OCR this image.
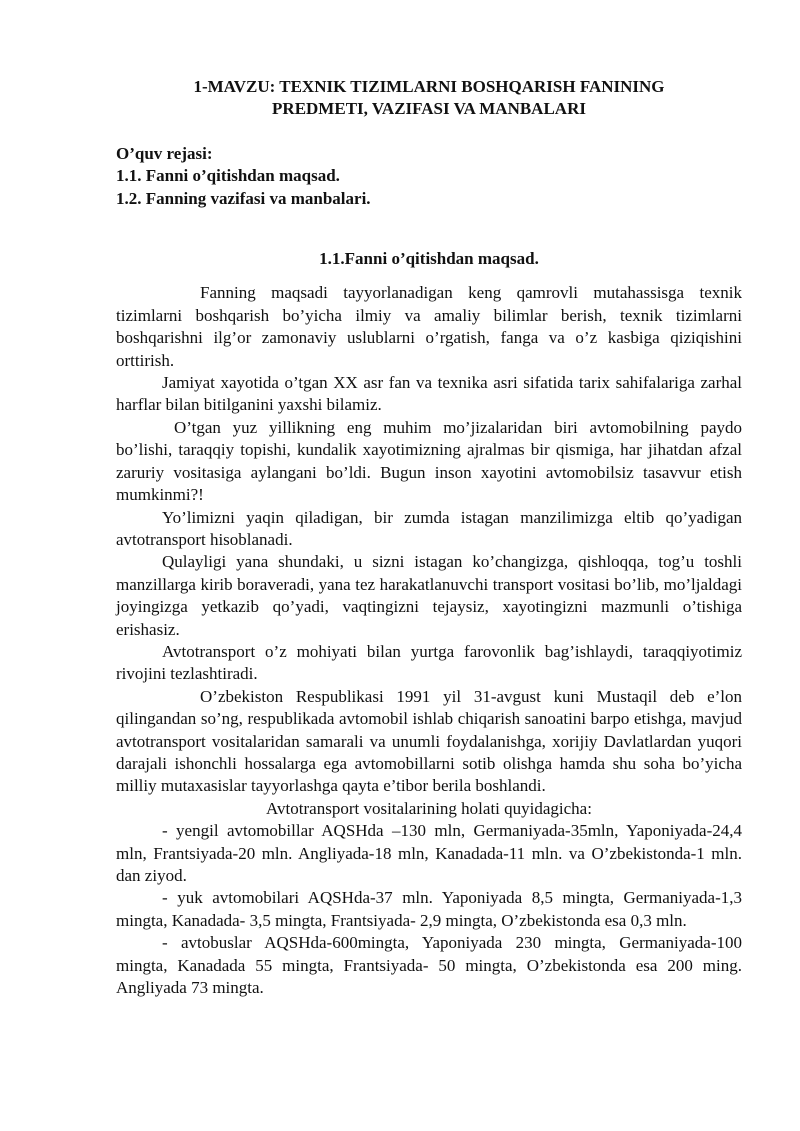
1-MAVZU: TEXNIK TIZIMLARNI BOSHQARISH FANINING PREDMETI, VAZIFASI VA MANBALARI
O’quv rejasi:
1.1. Fanni o’qitishdan maqsad.
1.2. Fanning vazifasi va manbalari.
1.1.Fanni o’qitishdan maqsad.

Fanning maqsadi tayyorlanadigan keng qamrovli mutahassisga texnik tizimlarni boshqarish bo’yicha ilmiy va amaliy bilimlar berish, texnik tizimlarni boshqarishni ilg’or zamonaviy uslublarni o’rgatish, fanga va o’z kasbiga qiziqishini orttirish.

Jamiyat xayotida o’tgan XX asr fan va texnika asri sifatida tarix sahifalariga zarhal harflar bilan bitilganini yaxshi bilamiz.

O’tgan yuz yillikning eng muhim mo’jizalaridan biri avtomobilning paydo bo’lishi, taraqqiy topishi, kundalik xayotimizning ajralmas bir qismiga, har jihatdan afzal zaruriy vositasiga aylangani bo’ldi. Bugun inson xayotini avtomobilsiz tasavvur etish mumkinmi?!

Yo’limizni yaqin qiladigan, bir zumda istagan manzilimizga eltib qo’yadigan avtotransport hisoblanadi.

Qulayligi yana shundaki, u sizni istagan ko’changizga, qishloqqa, tog’u toshli manzillarga kirib boraveradi, yana tez harakatlanuvchi transport vositasi bo’lib, mo’ljaldagi joyingizga yetkazib qo’yadi, vaqtingizni tejaysiz, xayotingizni mazmunli o’tishiga erishasiz.

Avtotransport o’z mohiyati bilan yurtga farovonlik bag’ishlaydi, taraqqiyotimiz rivojini tezlashtiradi.

O’zbekiston Respublikasi 1991 yil 31-avgust kuni Mustaqil deb e’lon qilingandan so’ng, respublikada avtomobil ishlab chiqarish sanoatini barpo etishga, mavjud avtotransport vositalaridan samarali va unumli foydalanishga, xorijiy Davlatlardan yuqori darajali ishonchli hossalarga ega avtomobillarni sotib olishga hamda shu soha bo’yicha milliy mutaxasislar tayyorlashga qayta e’tibor berila boshlandi.

Avtotransport vositalarining holati quyidagicha:

- yengil avtomobillar AQSHda –130 mln, Germaniyada-35mln, Yaponiyada-24,4 mln, Frantsiyada-20 mln. Angliyada-18 mln, Kanadada-11 mln. va O’zbekistonda-1 mln. dan ziyod.

- yuk avtomobilari AQSHda-37 mln. Yaponiyada 8,5 mingta, Germaniyada-1,3 mingta, Kanadada- 3,5 mingta, Frantsiyada- 2,9 mingta, O’zbekistonda esa 0,3 mln.

- avtobuslar AQSHda-600mingta, Yaponiyada 230 mingta, Germaniyada-100 mingta, Kanadada 55 mingta, Frantsiyada- 50 mingta, O’zbekistonda esa 200 ming. Angliyada 73 mingta.
